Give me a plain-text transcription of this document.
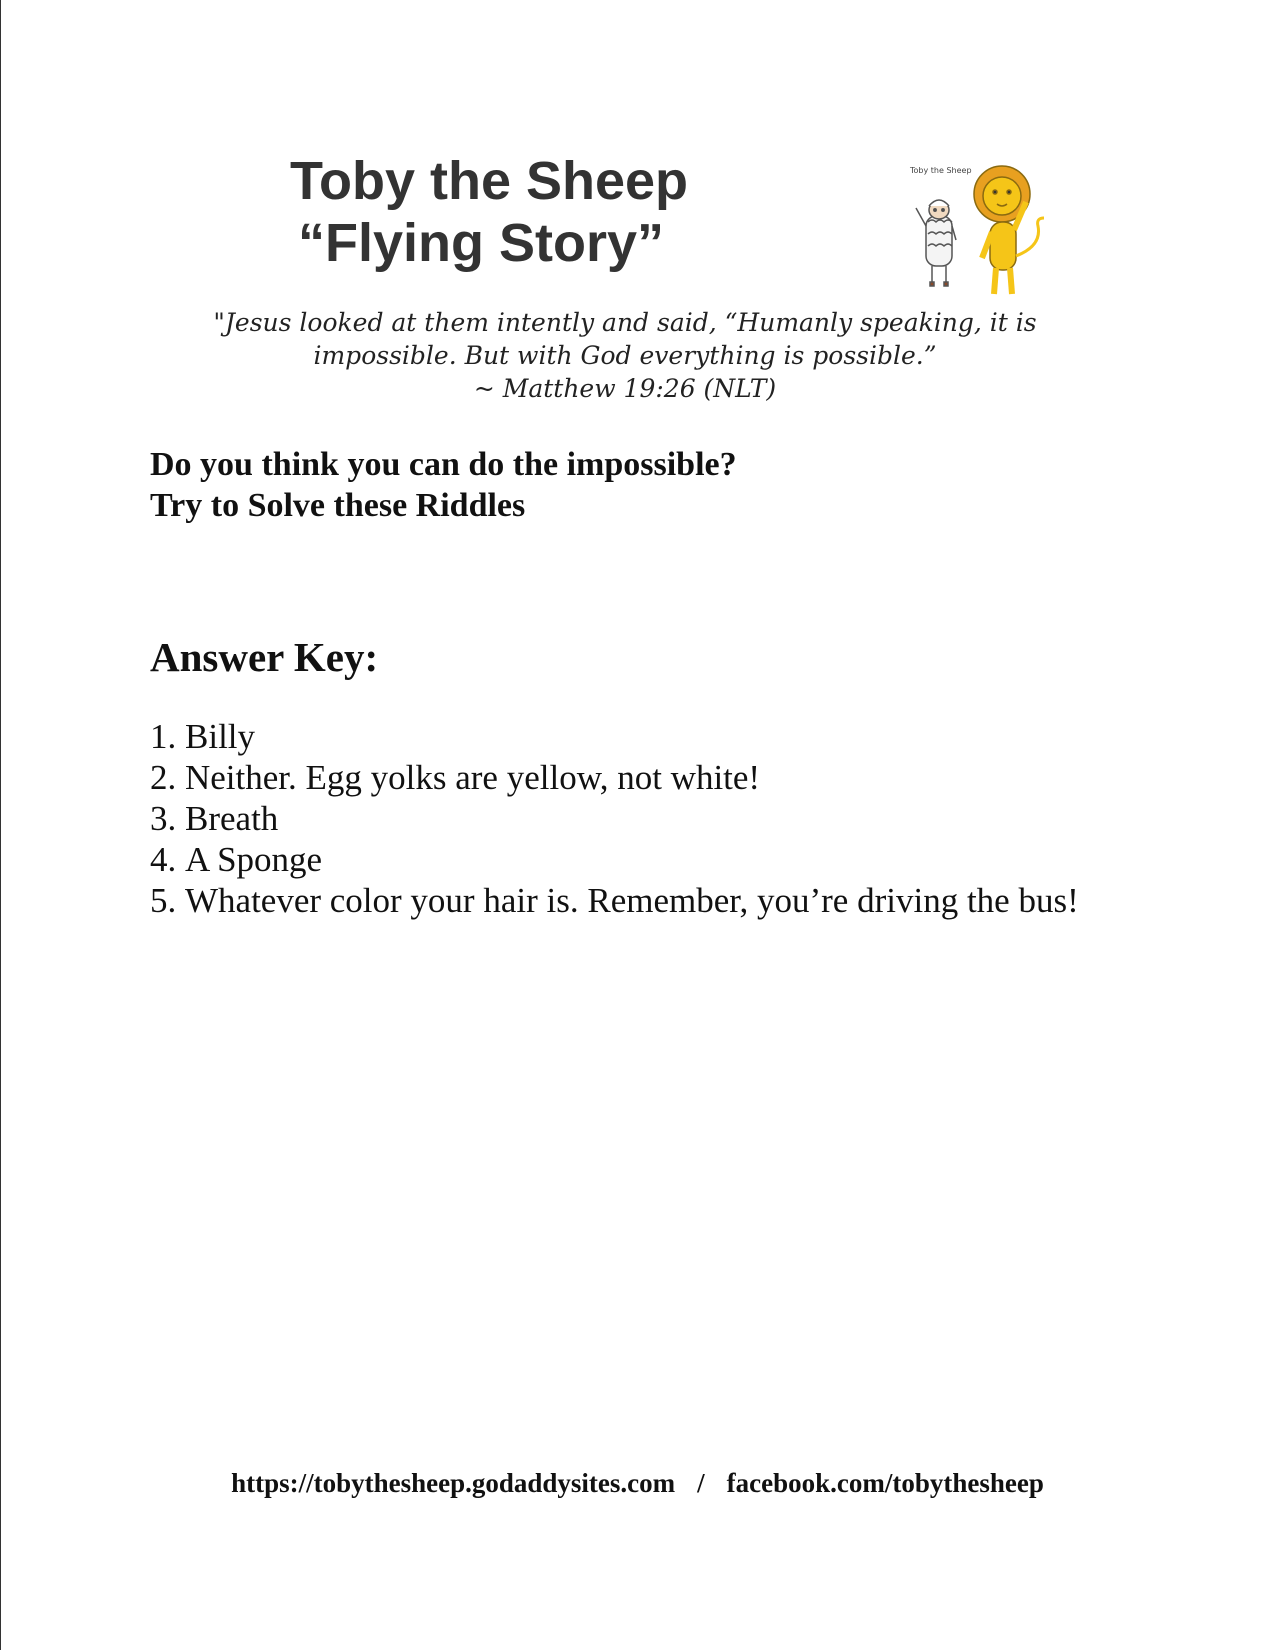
Toby the Sheep

“Flying Story”

Toby the Sheep

"Jesus looked at them intently and said, “Humanly speaking, it is

impossible. But with God everything is possible.”

~ Matthew 19:26 (NLT)

Do you think you can do the impossible?

Try to Solve these Riddles

Answer Key:
1. Billy
2. Neither. Egg yolks are yellow, not white!
3. Breath
4. A Sponge
5. Whatever color your hair is. Remember, you’re driving the bus!
https://tobythesheep.godaddysites.com / facebook.com/tobythesheep
